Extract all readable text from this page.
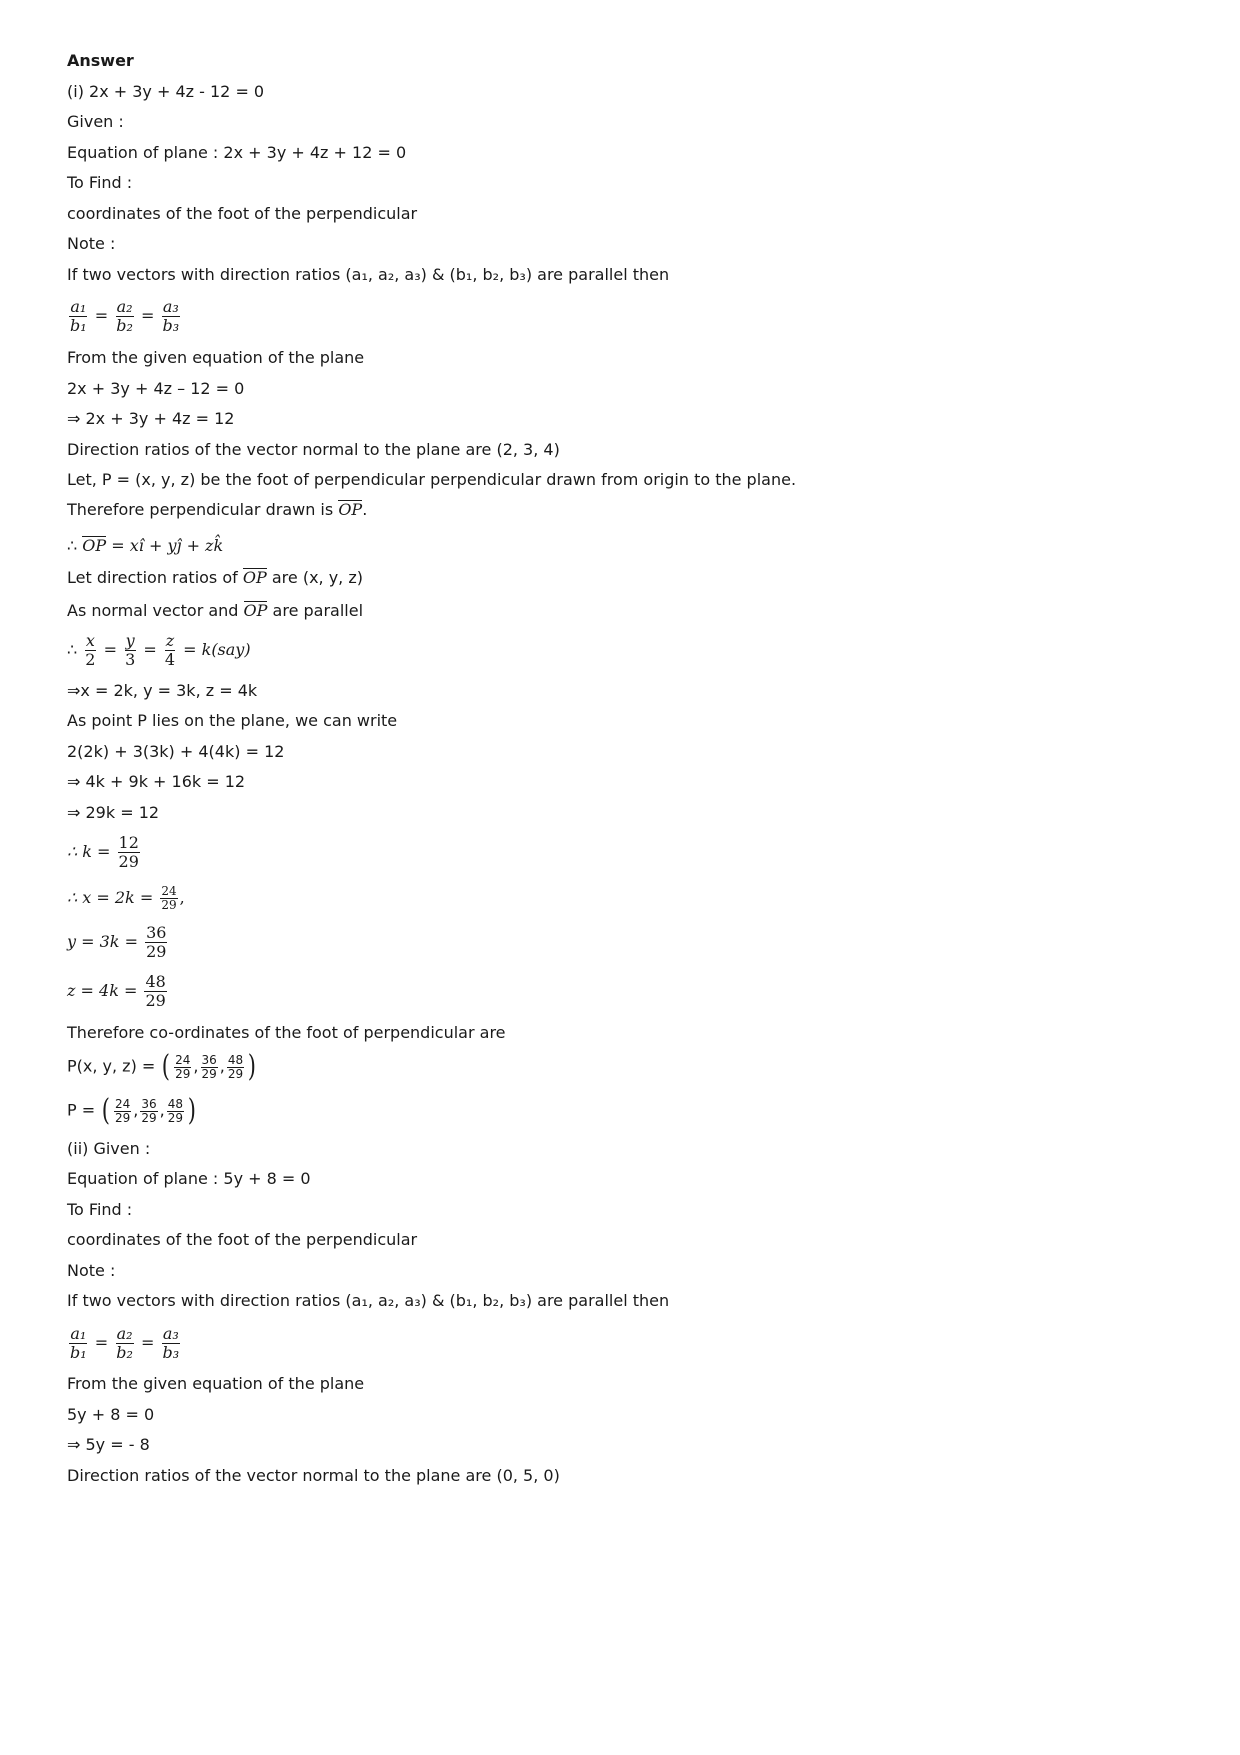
Answer
(i) 2x + 3y + 4z - 12 = 0
Given :
Equation of plane : 2x + 3y + 4z + 12 = 0
To Find :
coordinates of the foot of the perpendicular
Note :
If two vectors with direction ratios (a₁, a₂, a₃) & (b₁, b₂, b₃) are parallel then
$\frac{\text{a₁}}{\text{b₁}} = \frac{\text{a₂}}{\text{b₂}} = \frac{\text{a₃}}{\text{b₃}}$
From the given equation of the plane
2x + 3y + 4z – 12 = 0
⇒ 2x + 3y + 4z = 12
Direction ratios of the vector normal to the plane are (2, 3, 4)
Let, P = (x, y, z) be the foot of perpendicular perpendicular drawn from origin to the plane.
Therefore perpendicular drawn is OP.
∴ OP = xî + yĵ + zk̂
Let direction ratios of OP are (x, y, z)
As normal vector and OP are parallel
∴ $\frac{x}{2} = \frac{y}{3} = \frac{z}{4} = k(say)$
⇒x = 2k, y = 3k, z = 4k
As point P lies on the plane, we can write
2(2k) + 3(3k) + 4(4k) = 12
⇒ 4k + 9k + 16k = 12
⇒ 29k = 12
∴ $k = \frac{12}{29}$
∴ $x = 2k = \frac{24}{29}$ ,
$y = 3k = \frac{36}{29}$
$z = 4k = \frac{48}{29}$
Therefore co-ordinates of the foot of perpendicular are
P(x, y, z) = ( $\frac{24}{29}$ , $\frac{36}{29}$ , $\frac{48}{29}$ )
P = ( $\frac{24}{29}$ , $\frac{36}{29}$ , $\frac{48}{29}$ )
(ii) Given :
Equation of plane : 5y + 8 = 0
To Find :
coordinates of the foot of the perpendicular
Note :
If two vectors with direction ratios (a₁, a₂, a₃) & (b₁, b₂, b₃) are parallel then
$\frac{\text{a₁}}{\text{b₁}} = \frac{\text{a₂}}{\text{b₂}} = \frac{\text{a₃}}{\text{b₃}}$
From the given equation of the plane
5y + 8 = 0
⇒ 5y = - 8
Direction ratios of the vector normal to the plane are (0, 5, 0)
